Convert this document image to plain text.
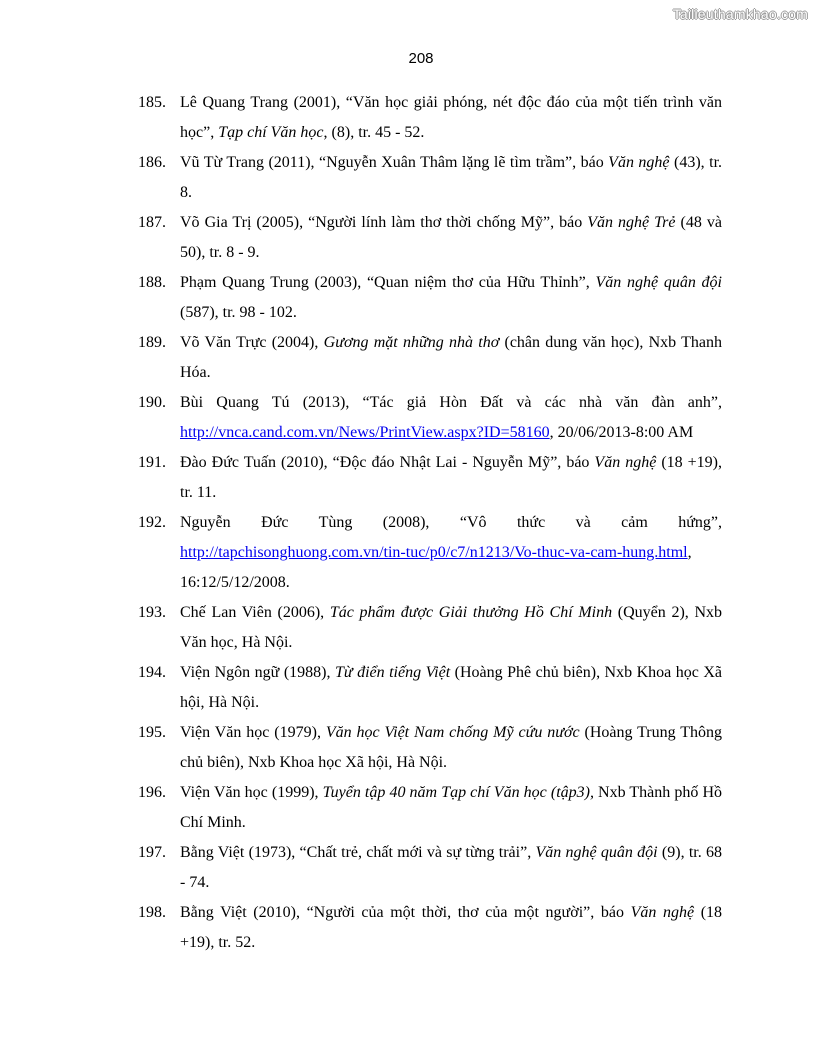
Tailieuthamkhao.com
208
185. Lê Quang Trang (2001), “Văn học giải phóng, nét độc đáo của một tiến trình văn học”, Tạp chí Văn học, (8), tr. 45 - 52.
186. Vũ Từ Trang (2011), “Nguyễn Xuân Thâm lặng lẽ tìm trầm”, báo Văn nghệ (43), tr. 8.
187. Võ Gia Trị (2005), “Người lính làm thơ thời chống Mỹ”, báo Văn nghệ Trẻ (48 và 50), tr. 8 - 9.
188. Phạm Quang Trung (2003), “Quan niệm thơ của Hữu Thỉnh”, Văn nghệ quân đội (587), tr. 98 - 102.
189. Võ Văn Trực (2004), Gương mặt những nhà thơ (chân dung văn học), Nxb Thanh Hóa.
190. Bùi Quang Tú (2013), “Tác giả Hòn Đất và các nhà văn đàn anh”, http://vnca.cand.com.vn/News/PrintView.aspx?ID=58160, 20/06/2013-8:00 AM
191. Đào Đức Tuấn (2010), “Độc đáo Nhật Lai - Nguyễn Mỹ”, báo Văn nghệ (18 +19), tr. 11.
192. Nguyễn Đức Tùng (2008), “Vô thức và cảm hứng”, http://tapchisonghuong.com.vn/tin-tuc/p0/c7/n1213/Vo-thuc-va-cam-hung.html, 16:12/5/12/2008.
193. Chế Lan Viên (2006), Tác phẩm được Giải thưởng Hồ Chí Minh (Quyển 2), Nxb Văn học, Hà Nội.
194. Viện Ngôn ngữ (1988), Từ điển tiếng Việt (Hoàng Phê chủ biên), Nxb Khoa học Xã hội, Hà Nội.
195. Viện Văn học (1979), Văn học Việt Nam chống Mỹ cứu nước (Hoàng Trung Thông chủ biên), Nxb Khoa học Xã hội, Hà Nội.
196. Viện Văn học (1999), Tuyển tập 40 năm Tạp chí Văn học (tập3), Nxb Thành phố Hồ Chí Minh.
197. Bằng Việt (1973), “Chất trẻ, chất mới và sự từng trải”, Văn nghệ quân đội (9), tr. 68 - 74.
198. Bằng Việt (2010), “Người của một thời, thơ của một người”, báo Văn nghệ (18 +19), tr. 52.
